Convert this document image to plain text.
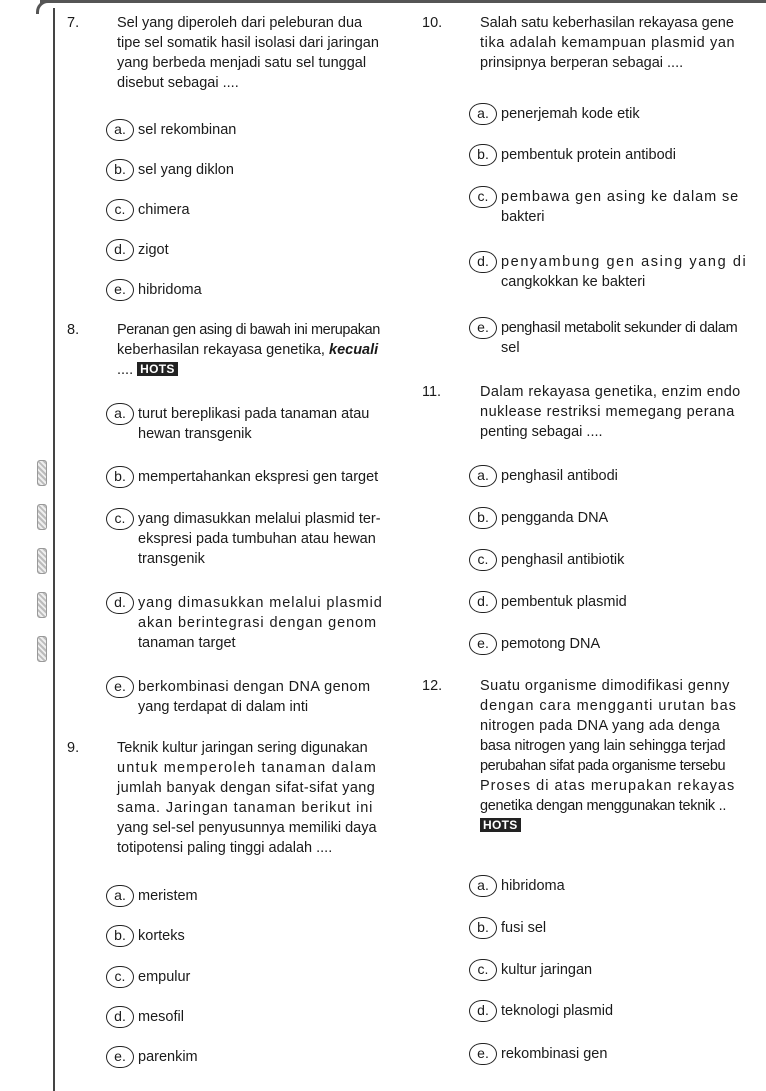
7.	Sel yang diperoleh dari peleburan dua
tipe sel somatik hasil isolasi dari jaringan
yang berbeda menjadi satu sel tunggal
disebut sebagai ....
a. sel rekombinan
b. sel yang diklon
c. chimera
d. zigot
e. hibridoma
8.	Peranan gen asing di bawah ini merupakan
keberhasilan rekayasa genetika, kecuali
.... HOTS
a. turut bereplikasi pada tanaman atau
hewan transgenik
b. mempertahankan ekspresi gen target
c. yang dimasukkan melalui plasmid ter-
ekspresi pada tumbuhan atau hewan
transgenik
d. yang dimasukkan melalui plasmid
akan berintegrasi dengan genom
tanaman target
e. berkombinasi dengan DNA genom
yang terdapat di dalam inti
9.	Teknik kultur jaringan sering digunakan
untuk memperoleh tanaman dalam
jumlah banyak dengan sifat-sifat yang
sama. Jaringan tanaman berikut ini
yang sel-sel penyusunnya memiliki daya
totipotensi paling tinggi adalah ....
a. meristem
b. korteks
c. empulur
d. mesofil
e. parenkim
10.	Salah satu keberhasilan rekayasa gene
tika adalah kemampuan plasmid yan
prinsipnya berperan sebagai ....
a. penerjemah kode etik
b. pembentuk protein antibodi
c. pembawa gen asing ke dalam se
bakteri
d. penyambung gen asing yang di
cangkokkan ke bakteri
e. penghasil metabolit sekunder di dalam
sel
11.	Dalam rekayasa genetika, enzim endo
nuklease restriksi memegang perana
penting sebagai ....
a. penghasil antibodi
b. pengganda DNA
c. penghasil antibiotik
d. pembentuk plasmid
e. pemotong DNA
12.	Suatu organisme dimodifikasi genny
dengan cara mengganti urutan bas
nitrogen pada DNA yang ada denga
basa nitrogen yang lain sehingga terjad
perubahan sifat pada organisme tersebu
Proses di atas merupakan rekayas
genetika dengan menggunakan teknik ..
HOTS
a. hibridoma
b. fusi sel
c. kultur jaringan
d. teknologi plasmid
e. rekombinasi gen
